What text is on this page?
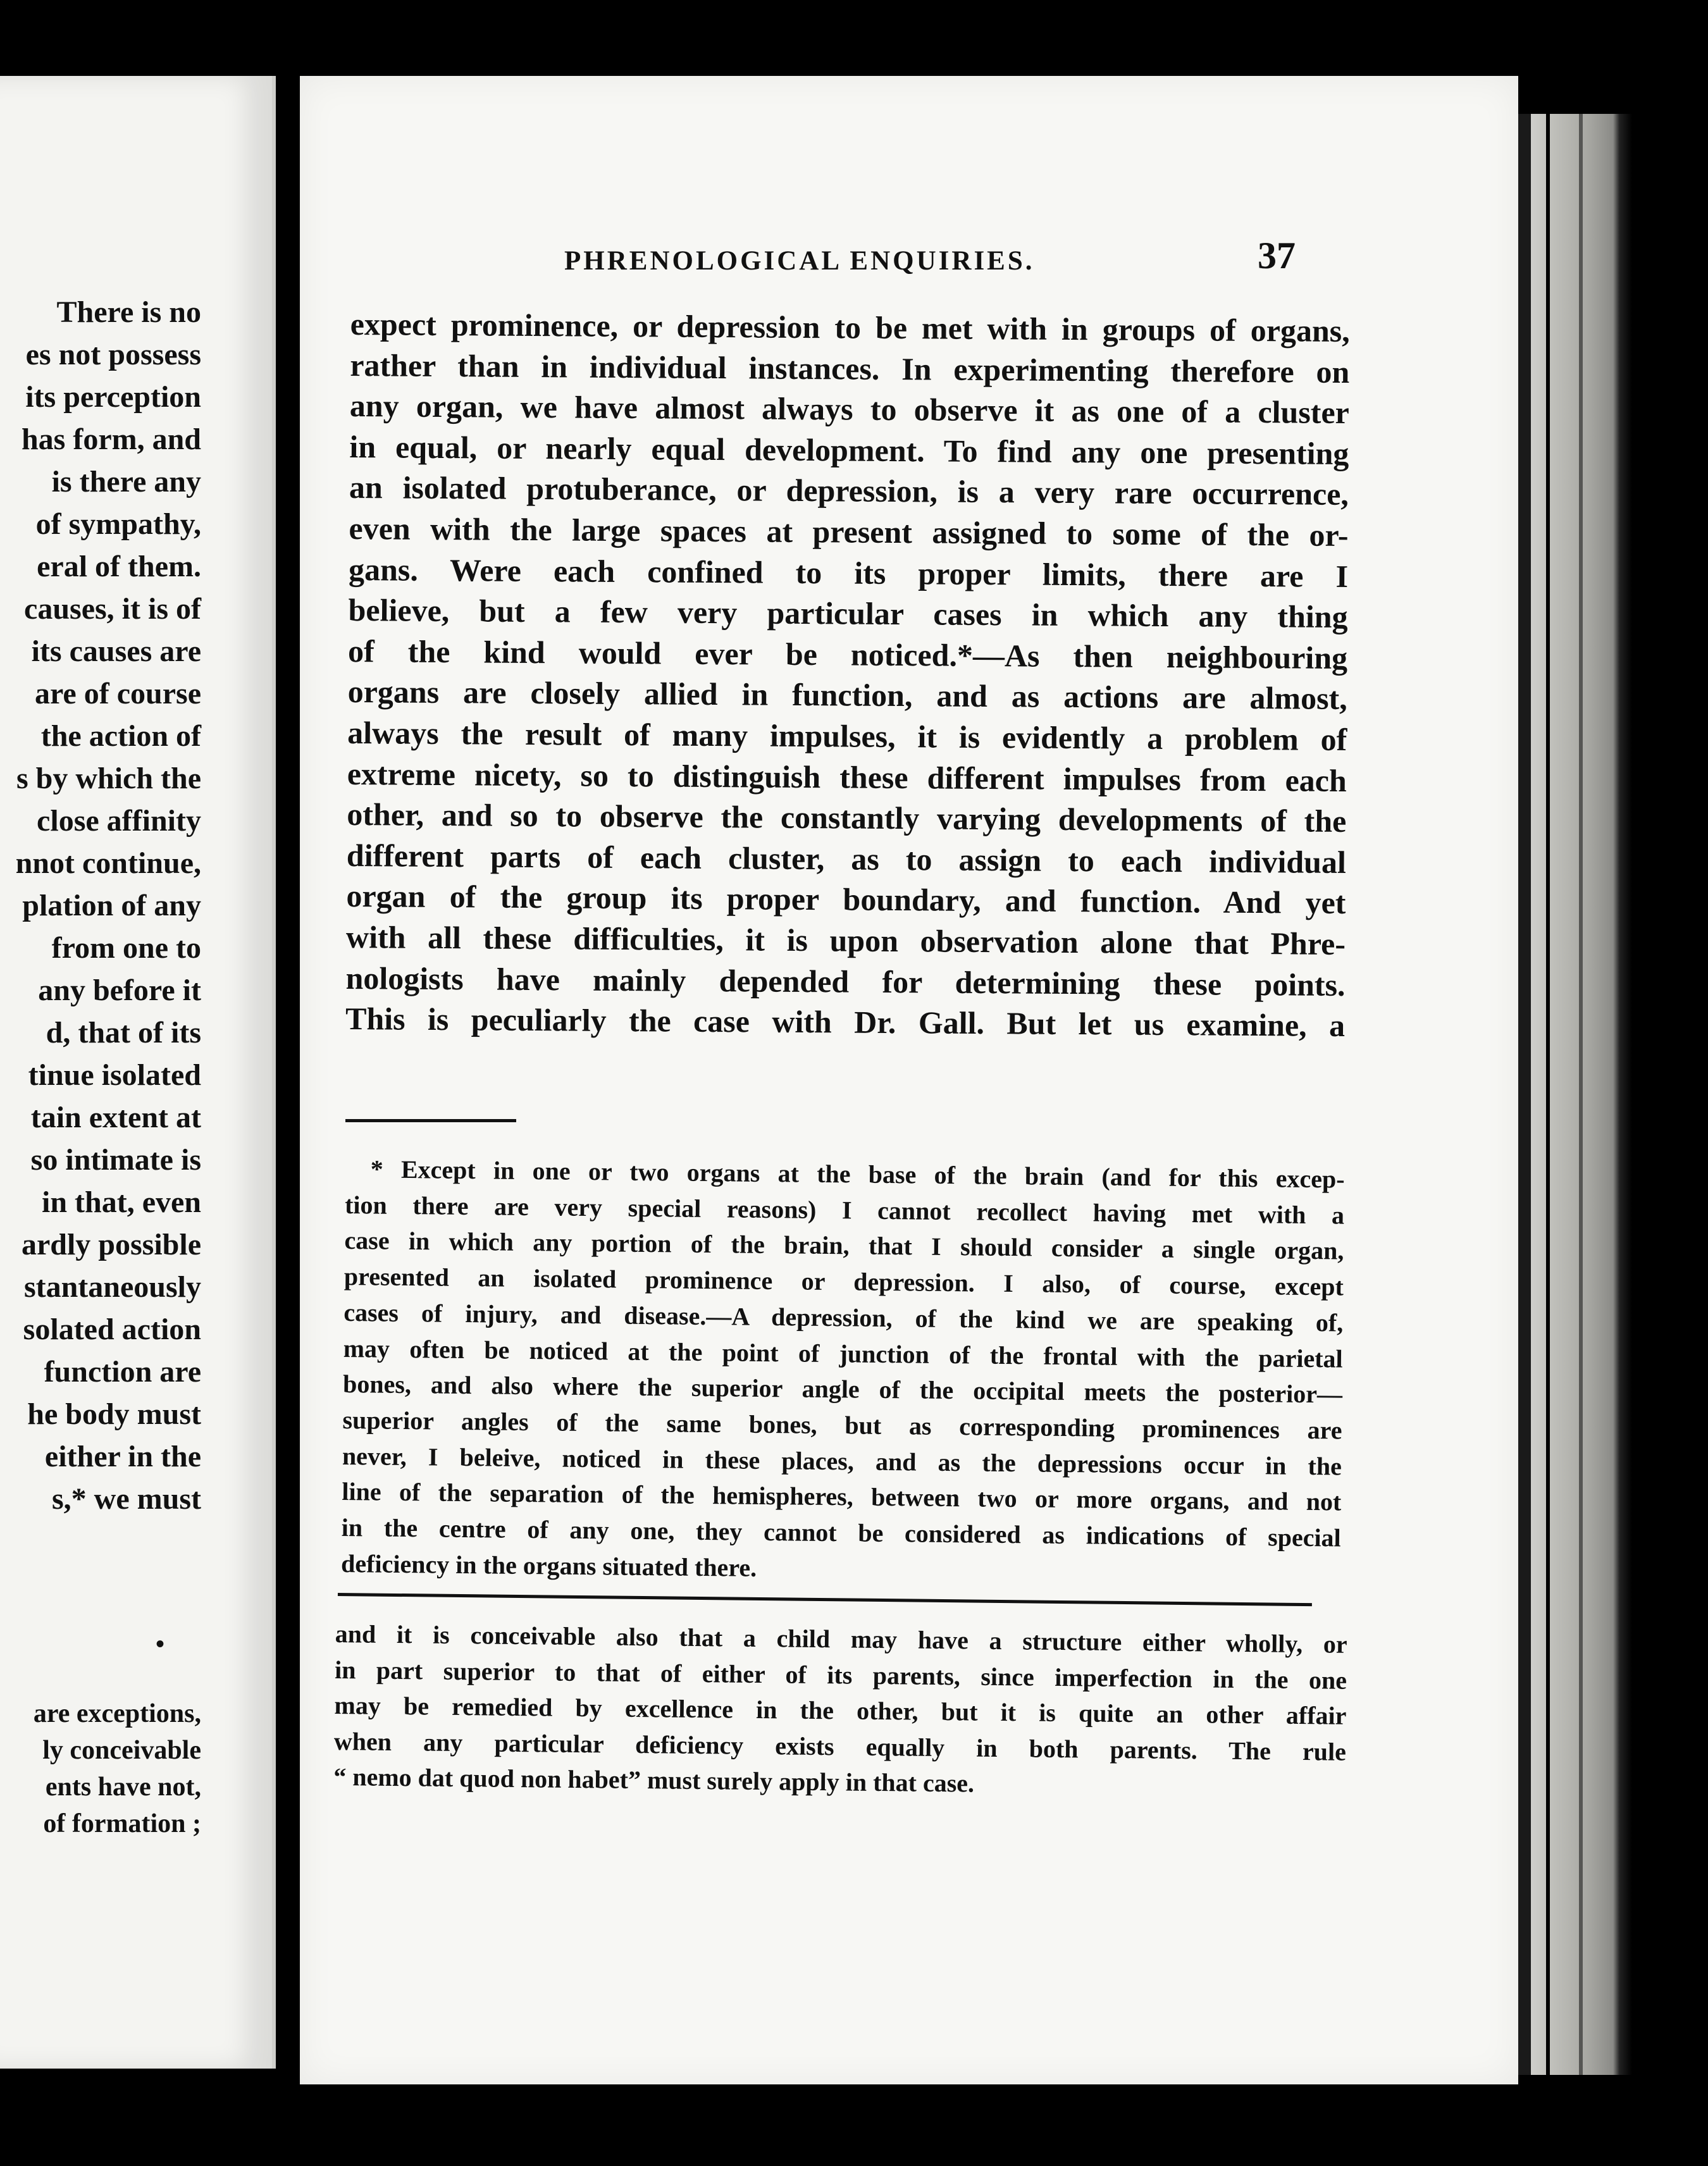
There is no
es not possess
its perception
has form, and
is there any
of sympathy,
eral of them.
causes, it is of
its causes are
are of course
the action of
s by which the
close affinity
nnot continue,
plation of any
from one to
any before it
d, that of its
tinue isolated
tain extent at
so intimate is
in that, even
ardly possible
stantaneously
solated action
function are
he body must
either in the
s,* we must
•
are exceptions,
ly conceivable
ents have not,
of formation ;
PHRENOLOGICAL ENQUIRIES.	37
expect prominence, or depression to be met with in groups of organs,
rather than in individual instances. In experimenting therefore on
any organ, we have almost always to observe it as one of a cluster
in equal, or nearly equal development. To find any one presenting
an isolated protuberance, or depression, is a very rare occurrence,
even with the large spaces at present assigned to some of the or-
gans. Were each confined to its proper limits, there are I
believe, but a few very particular cases in which any thing
of the kind would ever be noticed.*—As then neighbouring
organs are closely allied in function, and as actions are almost,
always the result of many impulses, it is evidently a problem of
extreme nicety, so to distinguish these different impulses from each
other, and so to observe the constantly varying developments of the
different parts of each cluster, as to assign to each individual
organ of the group its proper boundary, and function. And yet
with all these difficulties, it is upon observation alone that Phre-
nologists have mainly depended for determining these points.
This is peculiarly the case with Dr. Gall. But let us examine, a
* Except in one or two organs at the base of the brain (and for this excep-
tion there are very special reasons) I cannot recollect having met with a
case in which any portion of the brain, that I should consider a single organ,
presented an isolated prominence or depression. I also, of course, except
cases of injury, and disease.—A depression, of the kind we are speaking of,
may often be noticed at the point of junction of the frontal with the parietal
bones, and also where the superior angle of the occipital meets the posterior—
superior angles of the same bones, but as corresponding prominences are
never, I beleive, noticed in these places, and as the depressions occur in the
line of the separation of the hemispheres, between two or more organs, and not
in the centre of any one, they cannot be considered as indications of special
deficiency in the organs situated there.
and it is conceivable also that a child may have a structure either wholly, or
in part superior to that of either of its parents, since imperfection in the one
may be remedied by excellence in the other, but it is quite an other affair
when any particular deficiency exists equally in both parents. The rule
“ nemo dat quod non habet” must surely apply in that case.
